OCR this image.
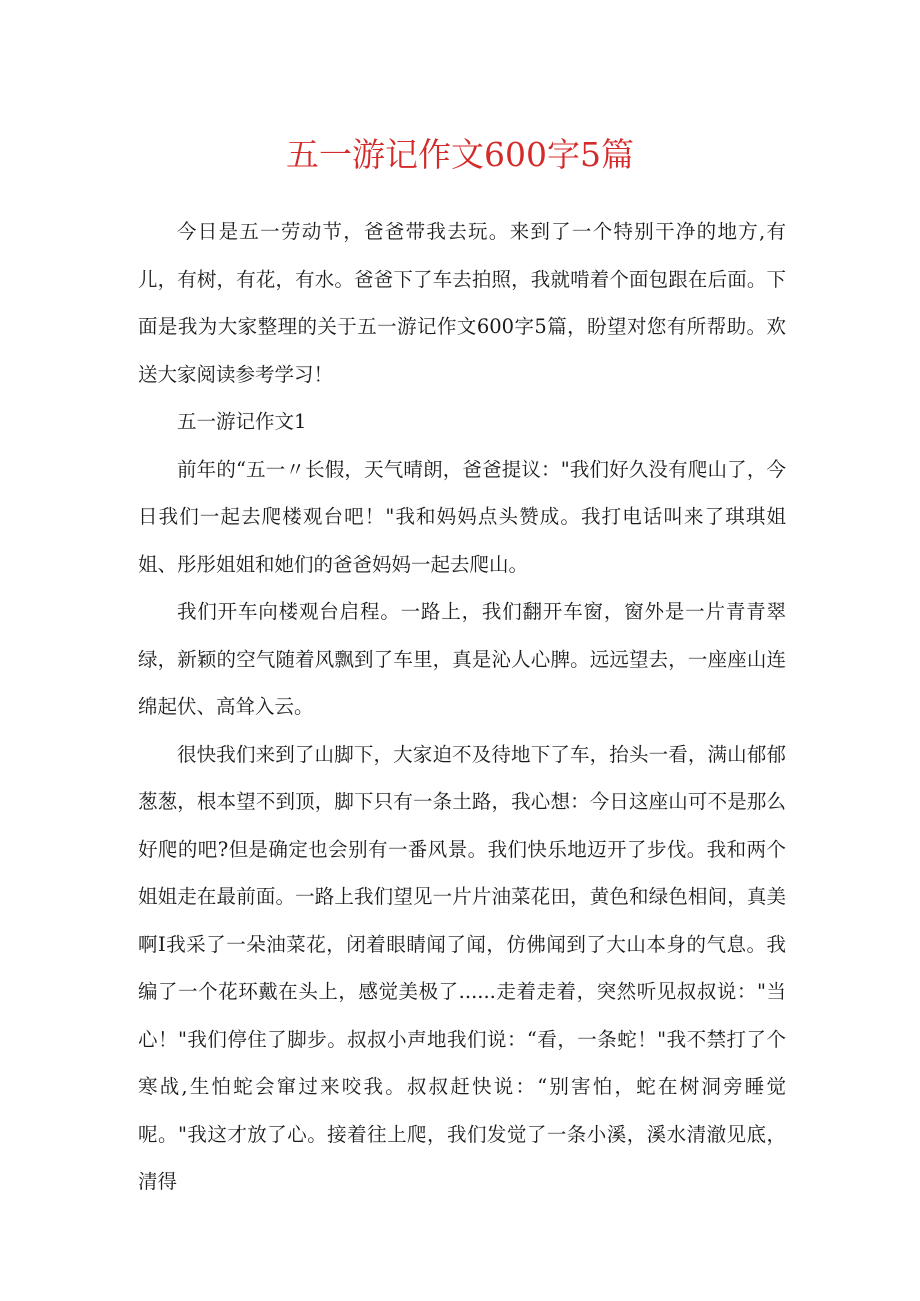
五一游记作文600字5篇

今日是五一劳动节，爸爸带我去玩。来到了一个特别干净的地方,有儿，有树，有花，有水。爸爸下了车去拍照，我就啃着个面包跟在后面。下面是我为大家整理的关于五一游记作文600字5篇，盼望对您有所帮助。欢送大家阅读参考学习！

五一游记作文1

前年的“五一〃长假，天气晴朗，爸爸提议："我们好久没有爬山了，今日我们一起去爬楼观台吧！"我和妈妈点头赞成。我打电话叫来了琪琪姐姐、彤彤姐姐和她们的爸爸妈妈一起去爬山。

我们开车向楼观台启程。一路上，我们翻开车窗，窗外是一片青青翠绿，新颖的空气随着风飘到了车里，真是沁人心脾。远远望去，一座座山连绵起伏、高耸入云。

很快我们来到了山脚下，大家迫不及待地下了车，抬头一看，满山郁郁葱葱，根本望不到顶，脚下只有一条土路，我心想：今日这座山可不是那么好爬的吧?但是确定也会别有一番风景。我们快乐地迈开了步伐。我和两个姐姐走在最前面。一路上我们望见一片片油菜花田，黄色和绿色相间，真美啊I我采了一朵油菜花，闭着眼睛闻了闻，仿佛闻到了大山本身的气息。我编了一个花环戴在头上，感觉美极了......走着走着，突然听见叔叔说："当心！"我们停住了脚步。叔叔小声地我们说：“看，一条蛇！"我不禁打了个寒战,生怕蛇会窜过来咬我。叔叔赶快说：“别害怕，蛇在树洞旁睡觉呢。"我这才放了心。接着往上爬，我们发觉了一条小溪，溪水清澈见底，清得
